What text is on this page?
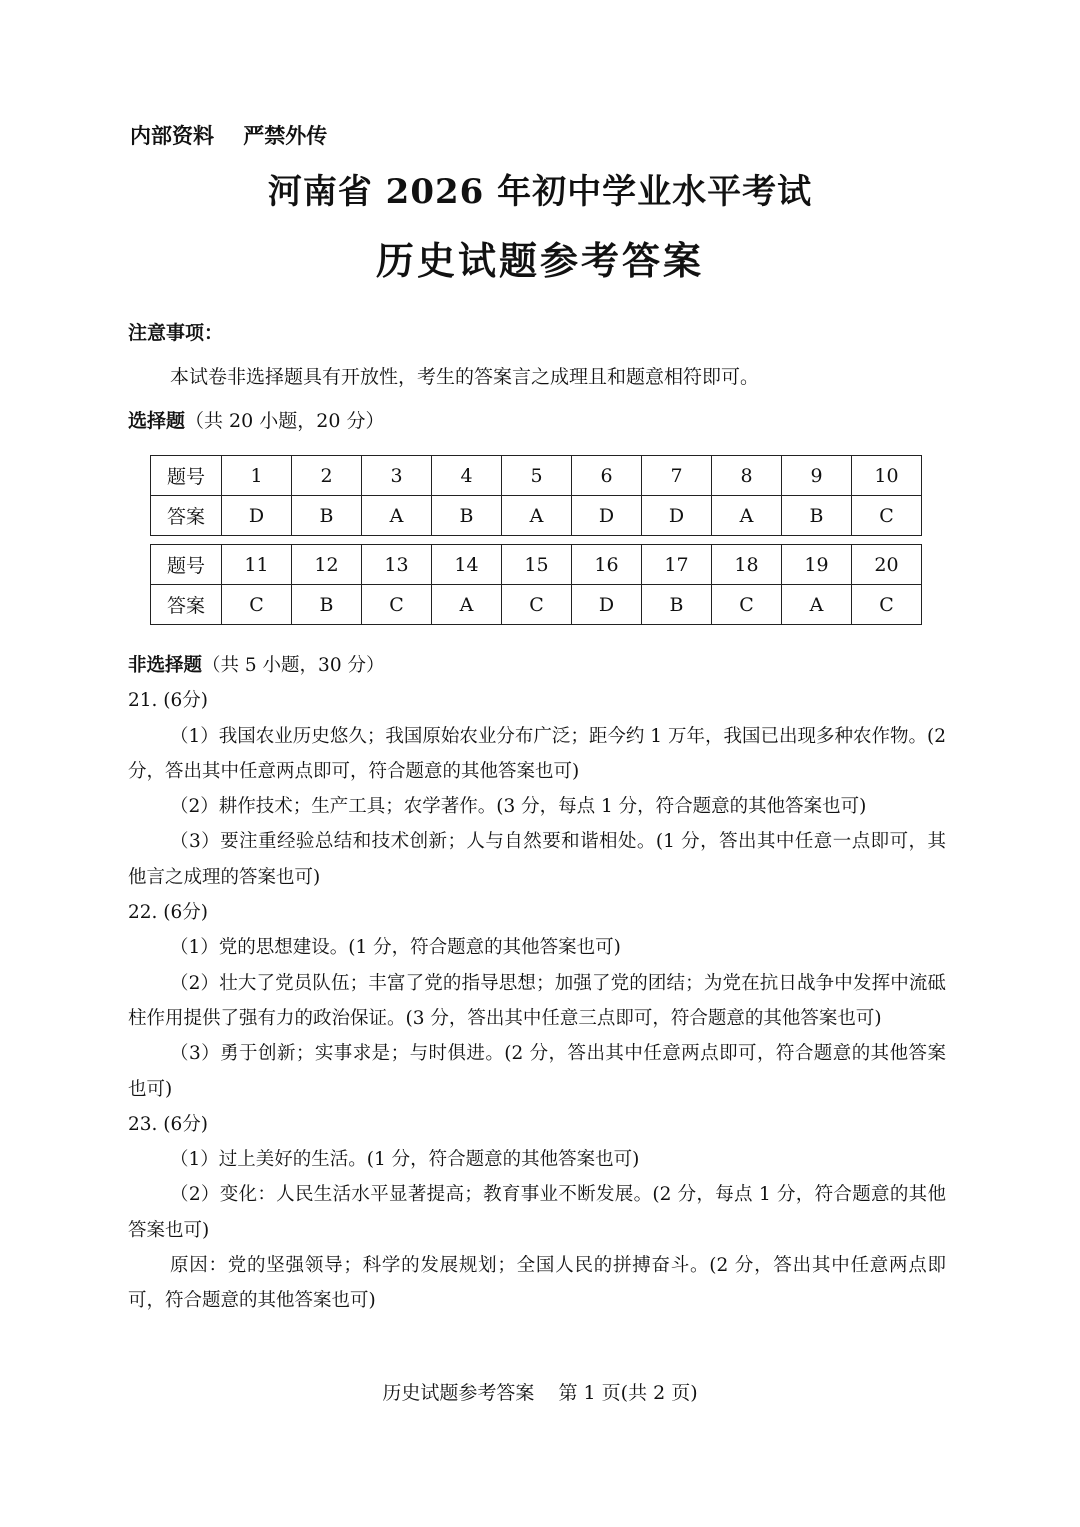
内部资料    严禁外传
河南省 2026 年初中学业水平考试
历史试题参考答案
注意事项：
本试卷非选择题具有开放性，考生的答案言之成理且和题意相符即可。
选择题（共 20 小题，20 分）
题号	1	2	3	4	5	6	7	8	9	10
答案	D	B	A	B	A	D	D	A	B	C
题号	11	12	13	14	15	16	17	18	19	20
答案	C	B	C	A	C	D	B	C	A	C

非选择题（共 5 小题，30 分）

21. (6分)

（1）我国农业历史悠久；我国原始农业分布广泛；距今约 1 万年，我国已出现多种农作物。(2 分，答出其中任意两点即可，符合题意的其他答案也可)

（2）耕作技术；生产工具；农学著作。(3 分，每点 1 分，符合题意的其他答案也可)

（3）要注重经验总结和技术创新；人与自然要和谐相处。(1 分，答出其中任意一点即可，其他言之成理的答案也可)

22. (6分)

（1）党的思想建设。(1 分，符合题意的其他答案也可)

（2）壮大了党员队伍；丰富了党的指导思想；加强了党的团结；为党在抗日战争中发挥中流砥柱作用提供了强有力的政治保证。(3 分，答出其中任意三点即可，符合题意的其他答案也可)

（3）勇于创新；实事求是；与时俱进。(2 分，答出其中任意两点即可，符合题意的其他答案也可)

23. (6分)

（1）过上美好的生活。(1 分，符合题意的其他答案也可)

（2）变化：人民生活水平显著提高；教育事业不断发展。(2 分，每点 1 分，符合题意的其他答案也可)

原因：党的坚强领导；科学的发展规划；全国人民的拼搏奋斗。(2 分，答出其中任意两点即可，符合题意的其他答案也可)

历史试题参考答案    第 1 页(共 2 页)
